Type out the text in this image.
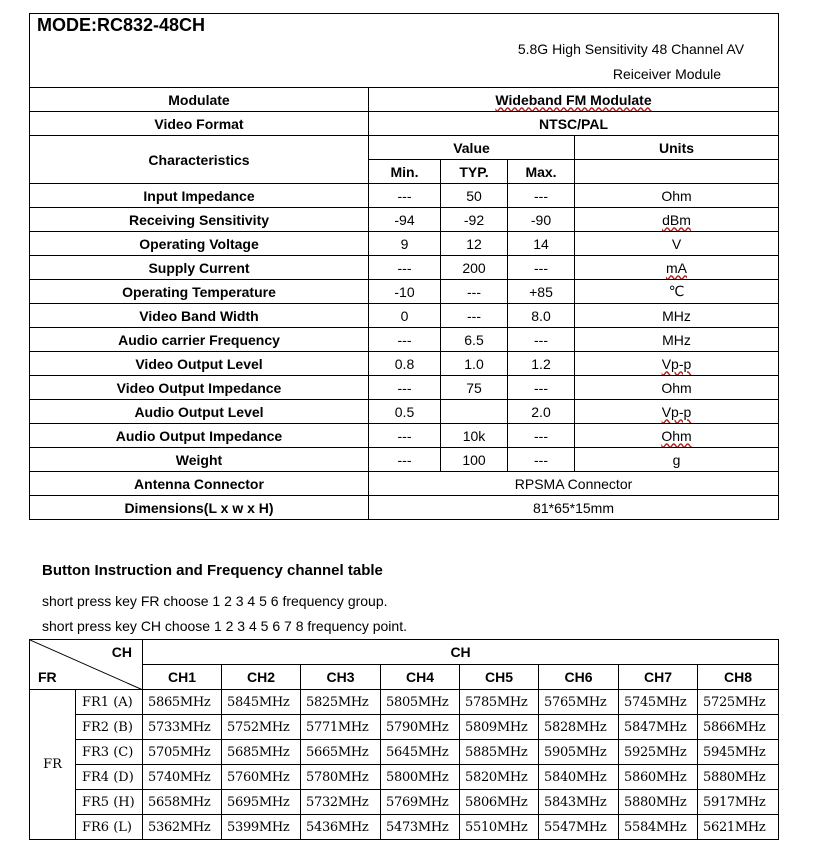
MODE:RC832-48CH				

5.8G High Sensitivity 48 Channel AV
Reiceiver Module				

Modulate	Wideband FM Modulate			
Video Format	NTSC/PAL			
Characteristics	Value			Units
	Min.	TYP.	Max.	
Input Impedance	---	50	---	Ohm
Receiving Sensitivity	-94	-92	-90	dBm
Operating Voltage	9	12	14	V
Supply Current	---	200	---	mA
Operating Temperature	-10	---	+85	℃
Video Band Width	0	---	8.0	MHz
Audio carrier Frequency	---	6.5	---	MHz
Video Output Level	0.8	1.0	1.2	Vp-p
Video Output Impedance	---	75	---	Ohm
Audio Output Level	0.5		2.0	Vp-p
Audio Output Impedance	---	10k	---	Ohm
Weight	---	100	---	g
Antenna Connector	RPSMA Connector			
Dimensions(L x w x H)	81*65*15mm			
Button Instruction and Frequency channel table
short press key FR choose 1 2 3 4 5 6 frequency group.
short press key CH choose 1 2 3 4 5 6 7 8 frequency point.
CH
FR		CH							
		CH1	CH2	CH3	CH4	CH5	CH6	CH7	CH8
FR	FR1 (A)	5865MHz	5845MHz	5825MHz	5805MHz	5785MHz	5765MHz	5745MHz	5725MHz
	FR2 (B)	5733MHz	5752MHz	5771MHz	5790MHz	5809MHz	5828MHz	5847MHz	5866MHz
	FR3 (C)	5705MHz	5685MHz	5665MHz	5645MHz	5885MHz	5905MHz	5925MHz	5945MHz
	FR4 (D)	5740MHz	5760MHz	5780MHz	5800MHz	5820MHz	5840MHz	5860MHz	5880MHz
	FR5 (H)	5658MHz	5695MHz	5732MHz	5769MHz	5806MHz	5843MHz	5880MHz	5917MHz
	FR6 (L)	5362MHz	5399MHz	5436MHz	5473MHz	5510MHz	5547MHz	5584MHz	5621MHz
